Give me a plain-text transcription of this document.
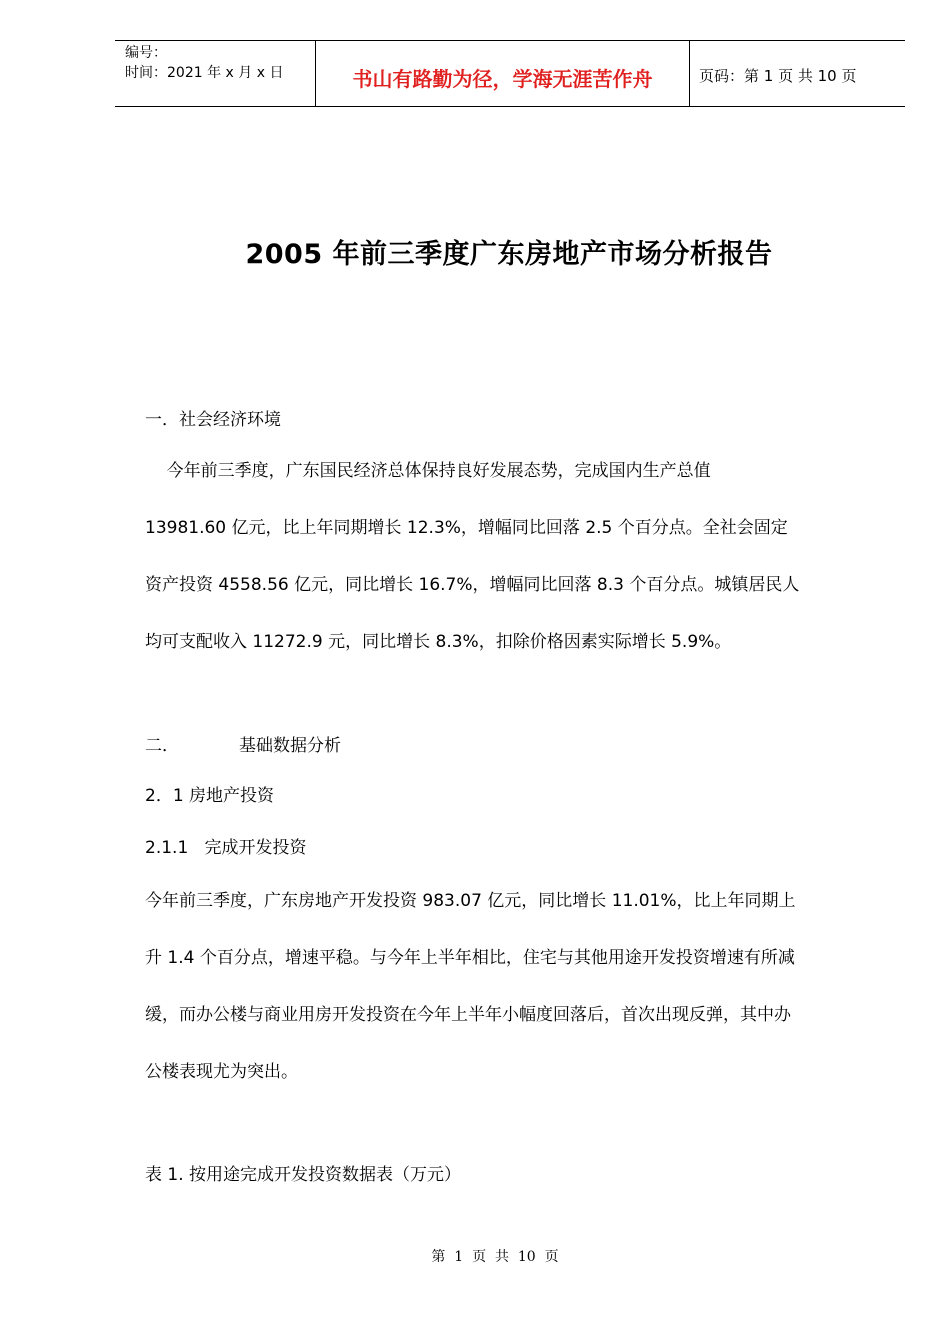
编号：
时间：2021 年 x 月 x 日	书山有路勤为径，学海无涯苦作舟	页码：第 1 页 共 10 页
2005 年前三季度广东房地产市场分析报告
一．社会经济环境
今年前三季度，广东国民经济总体保持良好发展态势，完成国内生产总值
13981.60 亿元，比上年同期增长 12.3%，增幅同比回落 2.5 个百分点。全社会固定
资产投资 4558.56 亿元，同比增长 16.7%，增幅同比回落 8.3 个百分点。城镇居民人
均可支配收入 11272.9 元，同比增长 8.3%，扣除价格因素实际增长 5.9%。
二．	基础数据分析
2．1 房地产投资
2.1.1   完成开发投资
今年前三季度，广东房地产开发投资 983.07 亿元，同比增长 11.01%，比上年同期上
升 1.4 个百分点，增速平稳。与今年上半年相比，住宅与其他用途开发投资增速有所减
缓，而办公楼与商业用房开发投资在今年上半年小幅度回落后，首次出现反弹，其中办
公楼表现尤为突出。
表 1. 按用途完成开发投资数据表（万元）
第  1  页  共  10  页
